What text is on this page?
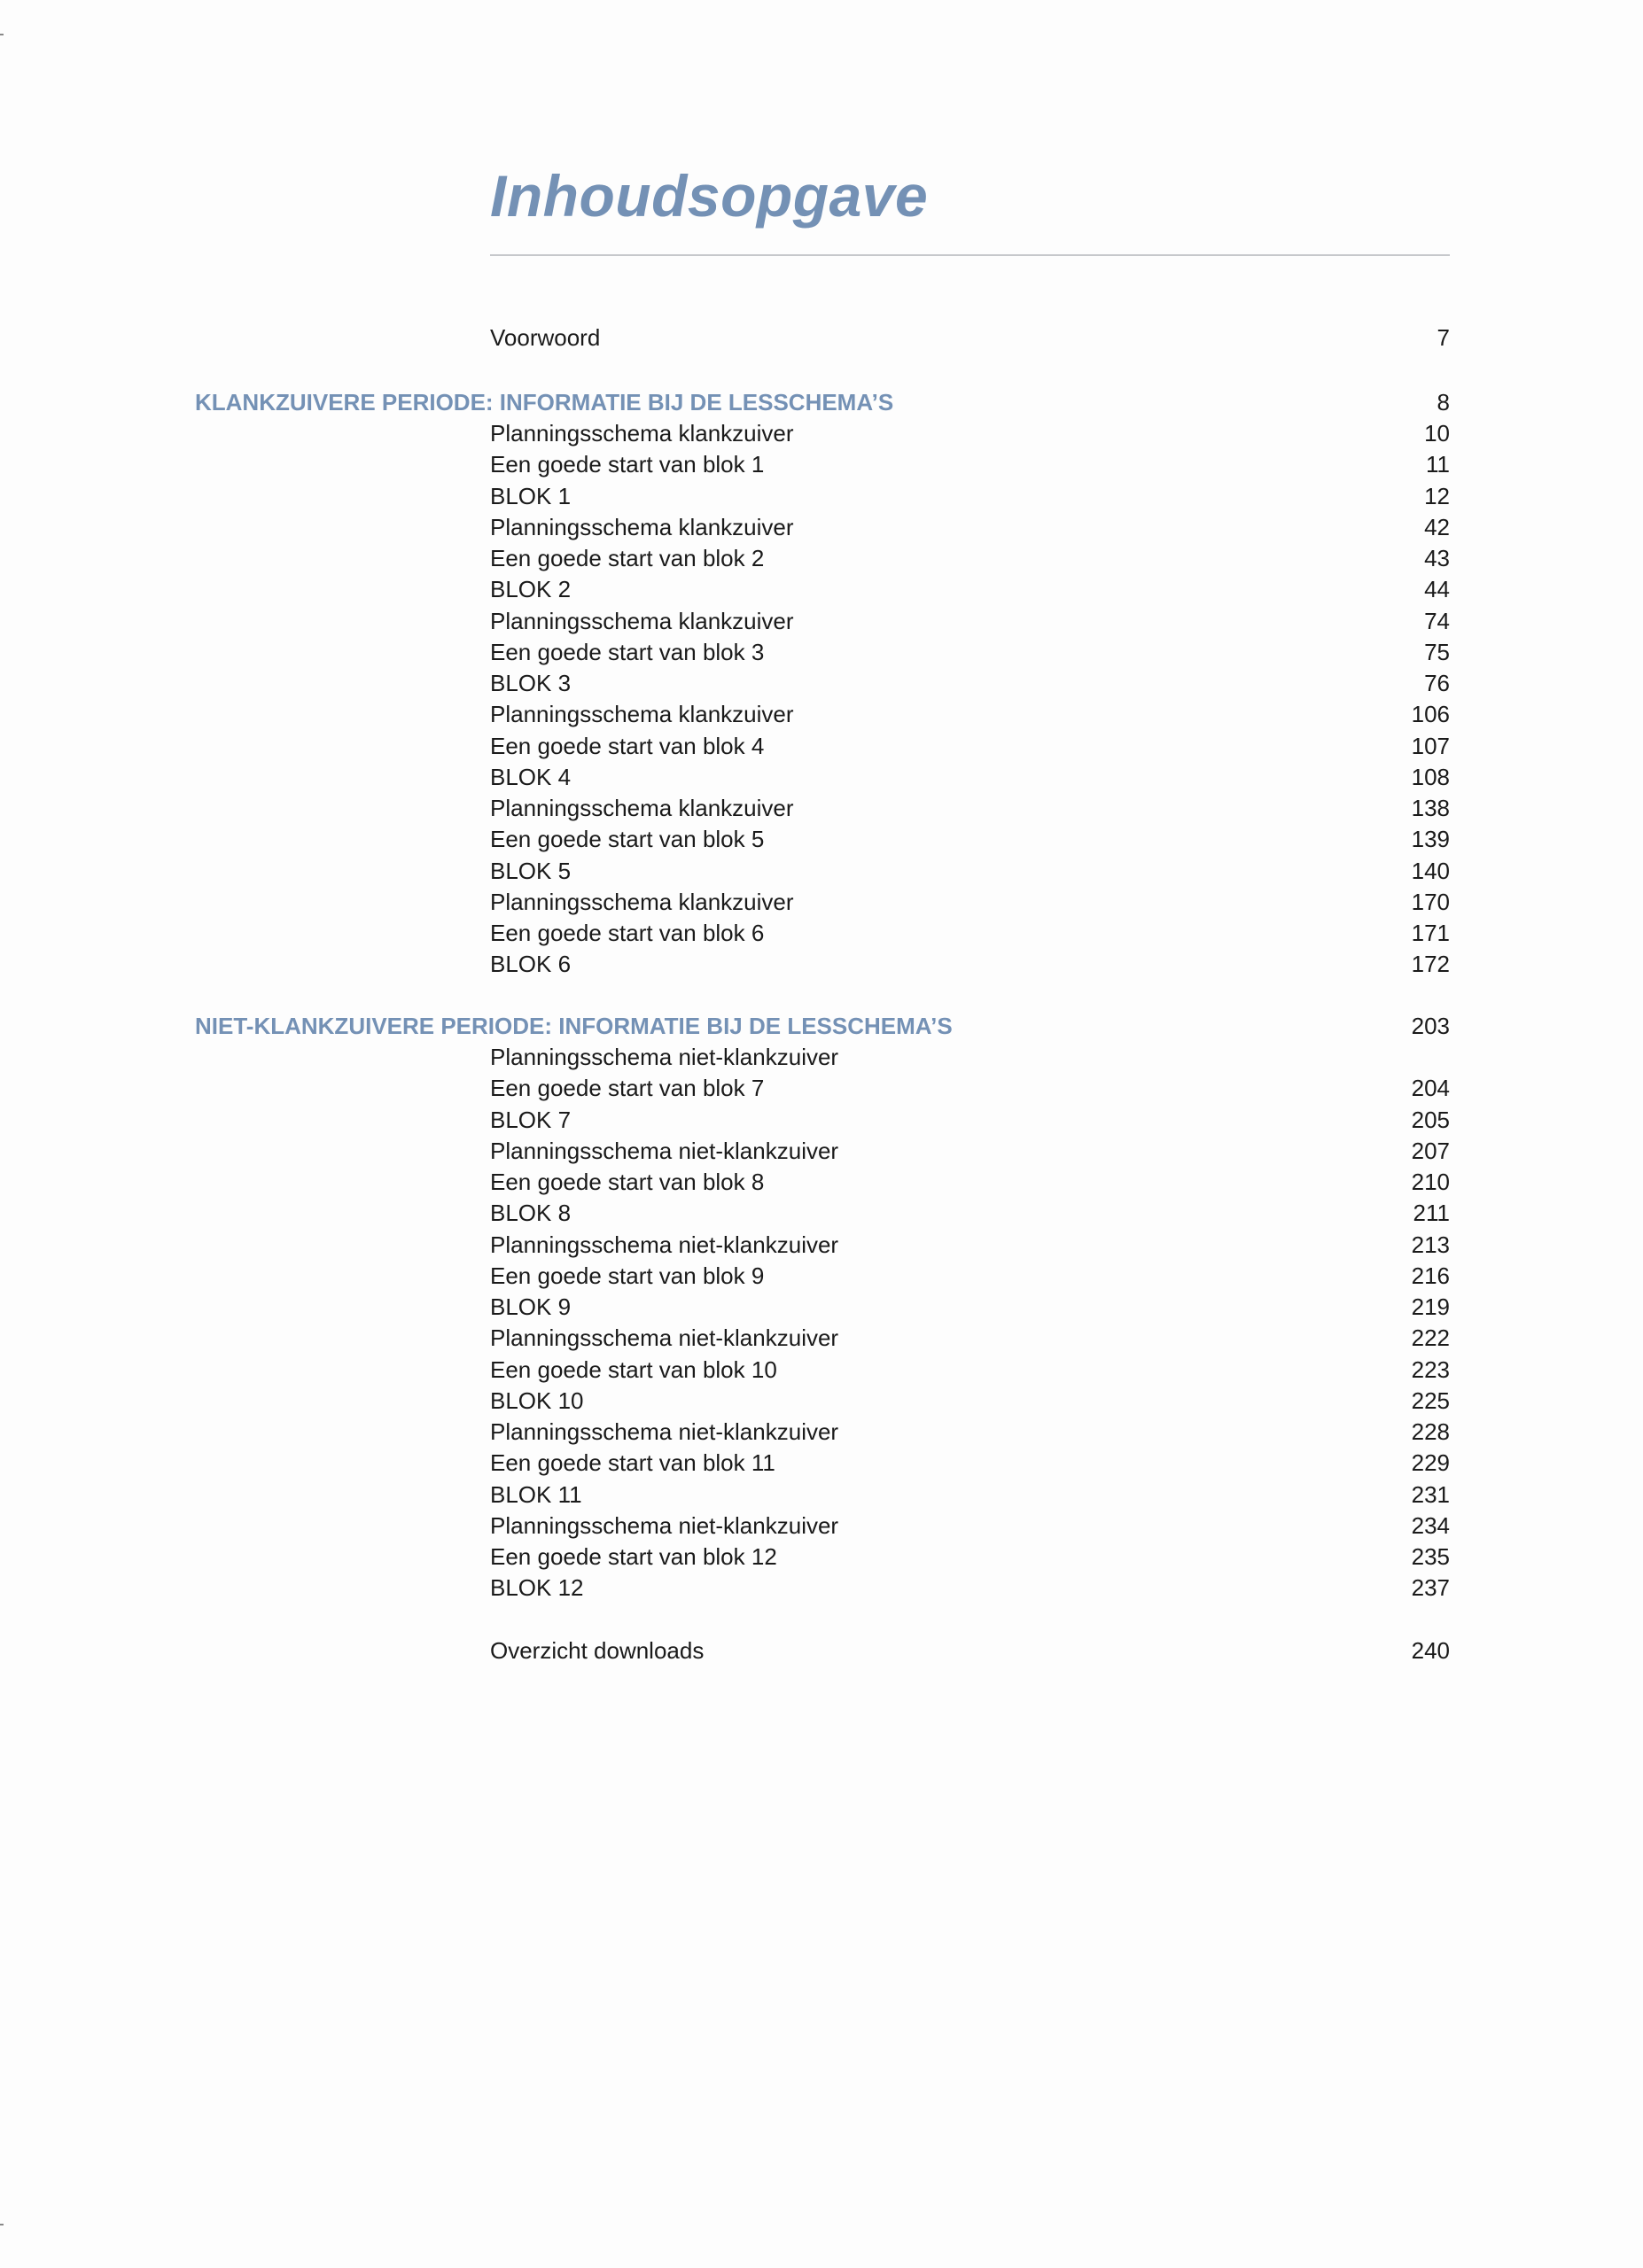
Inhoudsopgave
Voorwoord	7
KLANKZUIVERE PERIODE: INFORMATIE BIJ DE LESSCHEMA’S	8
Planningsschema klankzuiver	10
Een goede start van blok 1	11
BLOK 1	12
Planningsschema klankzuiver	42
Een goede start van blok 2	43
BLOK 2	44
Planningsschema klankzuiver	74
Een goede start van blok 3	75
BLOK 3	76
Planningsschema klankzuiver	106
Een goede start van blok 4	107
BLOK 4	108
Planningsschema klankzuiver	138
Een goede start van blok 5	139
BLOK 5	140
Planningsschema klankzuiver	170
Een goede start van blok 6	171
BLOK 6	172
NIET-KLANKZUIVERE PERIODE: INFORMATIE BIJ DE LESSCHEMA’S	203
Planningsschema niet-klankzuiver
Een goede start van blok 7	204
BLOK 7	205
Planningsschema niet-klankzuiver	207
Een goede start van blok 8	210
BLOK 8	211
Planningsschema niet-klankzuiver	213
Een goede start van blok 9	216
BLOK 9	219
Planningsschema niet-klankzuiver	222
Een goede start van blok 10	223
BLOK 10	225
Planningsschema niet-klankzuiver	228
Een goede start van blok 11	229
BLOK 11	231
Planningsschema niet-klankzuiver	234
Een goede start van blok 12	235
BLOK 12	237
Overzicht downloads	240
